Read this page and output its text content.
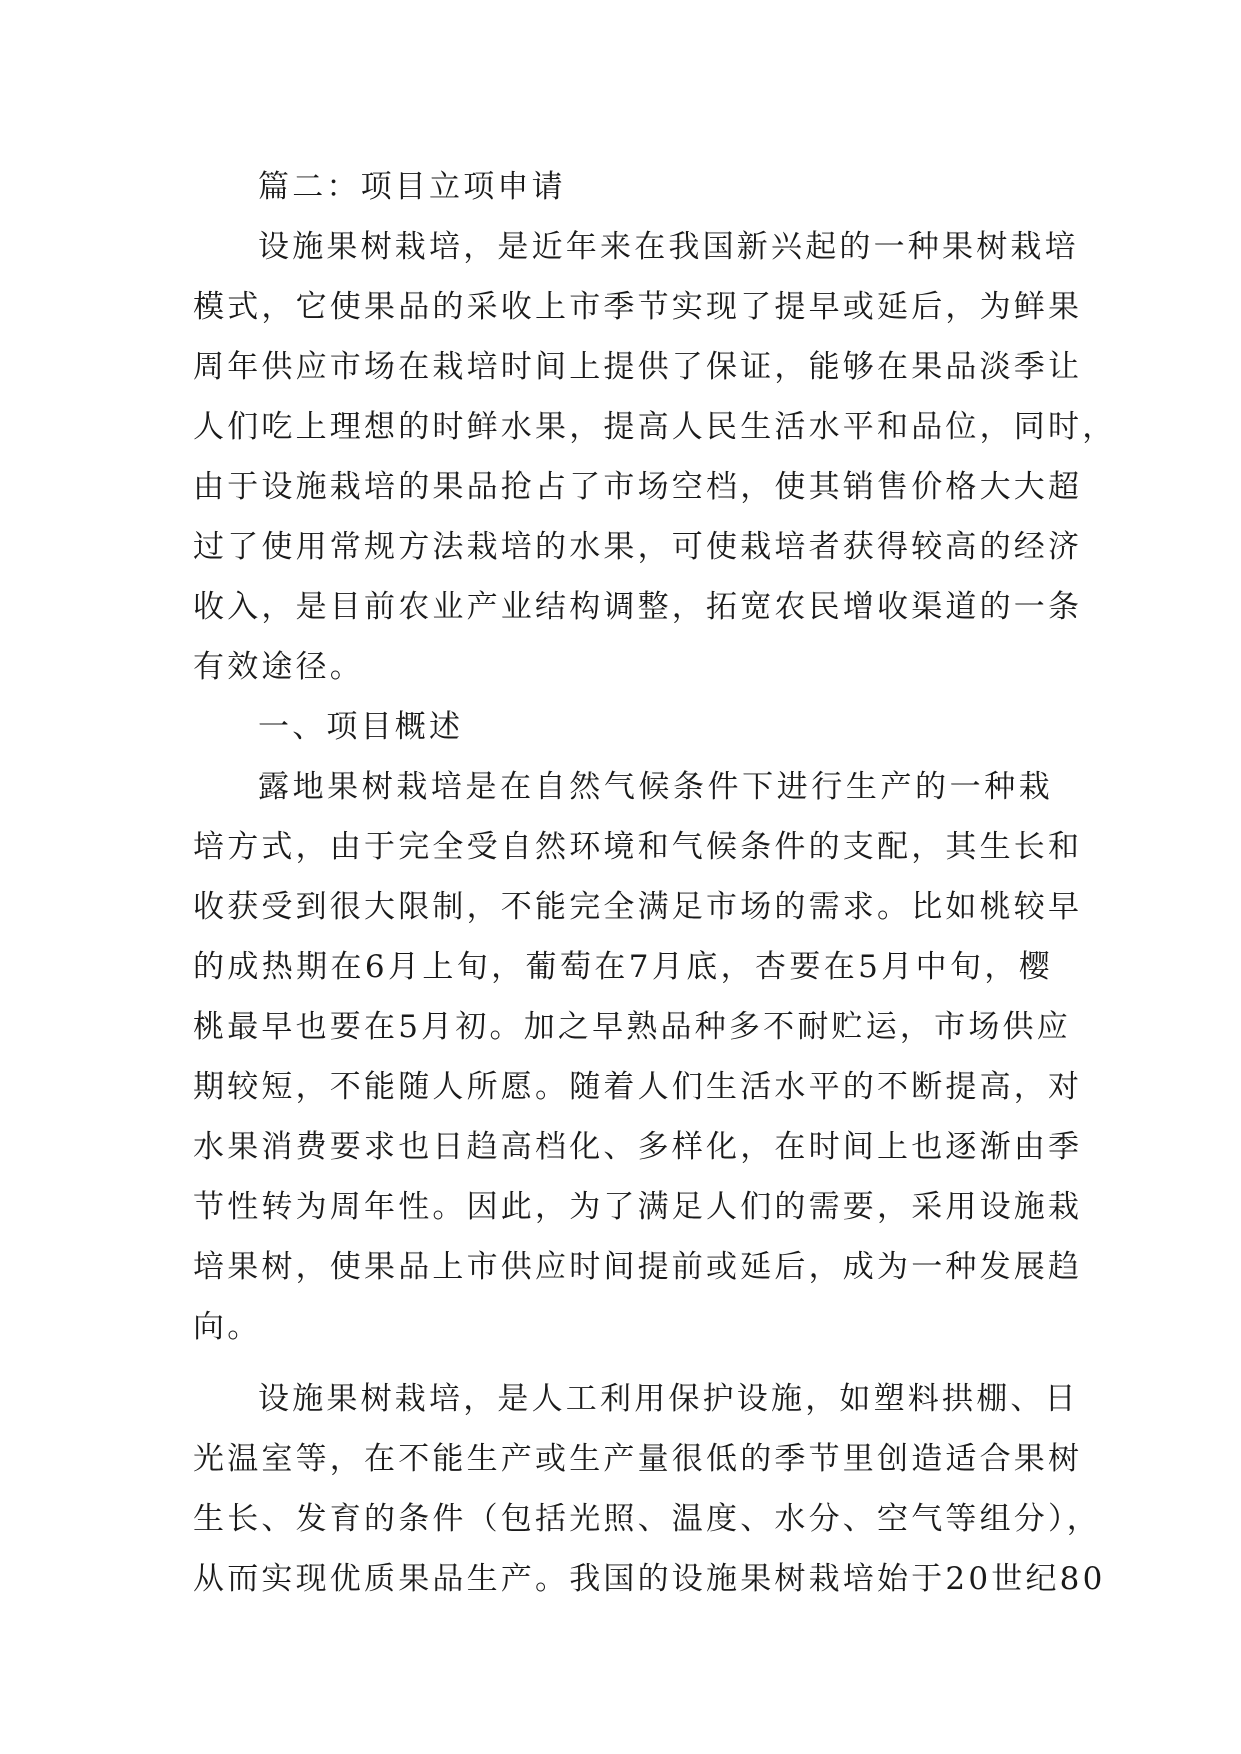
篇二：项目立项申请
设施果树栽培，是近年来在我国新兴起的一种果树栽培
模式，它使果品的采收上市季节实现了提早或延后，为鲜果
周年供应市场在栽培时间上提供了保证，能够在果品淡季让
人们吃上理想的时鲜水果，提高人民生活水平和品位，同时，
由于设施栽培的果品抢占了市场空档，使其销售价格大大超
过了使用常规方法栽培的水果，可使栽培者获得较高的经济
收入，是目前农业产业结构调整，拓宽农民增收渠道的一条
有效途径。
一、项目概述
露地果树栽培是在自然气候条件下进行生产的一种栽
培方式，由于完全受自然环境和气候条件的支配，其生长和
收获受到很大限制，不能完全满足市场的需求。比如桃较早
的成热期在6月上旬，葡萄在7月底，杏要在5月中旬，樱
桃最早也要在5月初。加之早熟品种多不耐贮运，市场供应
期较短，不能随人所愿。随着人们生活水平的不断提高，对
水果消费要求也日趋高档化、多样化，在时间上也逐渐由季
节性转为周年性。因此，为了满足人们的需要，采用设施栽
培果树，使果品上市供应时间提前或延后，成为一种发展趋
向。
设施果树栽培，是人工利用保护设施，如塑料拱棚、日
光温室等，在不能生产或生产量很低的季节里创造适合果树
生长、发育的条件（包括光照、温度、水分、空气等组分），
从而实现优质果品生产。我国的设施果树栽培始于20世纪80
